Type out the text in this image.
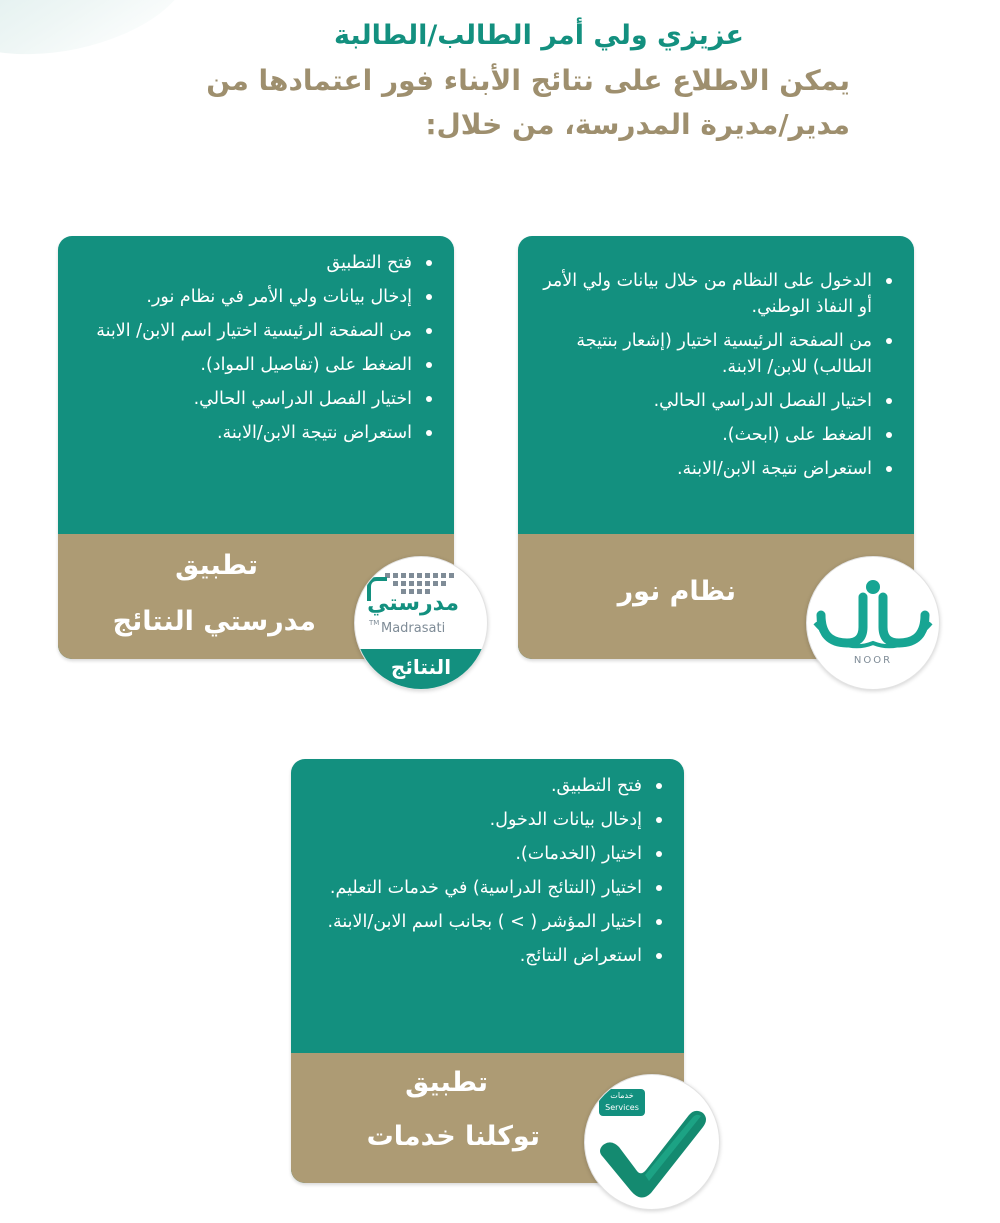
عزيزي ولي أمر الطالب/الطالبة
يمكن الاطلاع على نتائج الأبناء فور اعتمادها من
مدير/مديرة المدرسة، من خلال:
فتح التطبيق
إدخال بيانات ولي الأمر في نظام نور.
من الصفحة الرئيسية اختيار اسم الابن/ الابنة
الضغط على (تفاصيل المواد).
اختيار الفصل الدراسي الحالي.
استعراض نتيجة الابن/الابنة.
تطبيق
مدرستي النتائج
مدرستي
TM Madrasati
النتائج
الدخول على النظام من خلال بيانات ولي الأمر أو النفاذ الوطني.
من الصفحة الرئيسية اختيار (إشعار بنتيجة الطالب) للابن/ الابنة.
اختيار الفصل الدراسي الحالي.
الضغط على (ابحث).
استعراض نتيجة الابن/الابنة.
نظام نور
NOOR
فتح التطبيق.
إدخال بيانات الدخول.
اختيار (الخدمات).
اختيار (النتائج الدراسية) في خدمات التعليم.
اختيار المؤشر ( > ) بجانب اسم الابن/الابنة.
استعراض النتائج.
تطبيق
توكلنا خدمات
خدمات
Services
